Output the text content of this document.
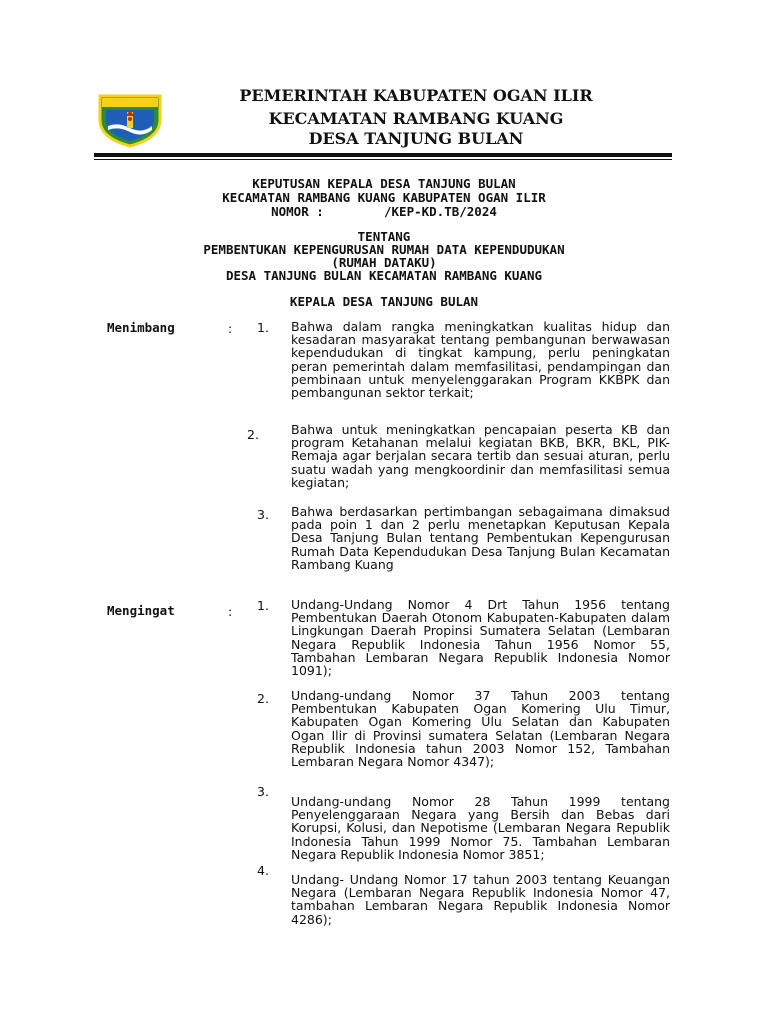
PEMERINTAH KABUPATEN OGAN ILIR
KECAMATAN RAMBANG KUANG
DESA TANJUNG BULAN
KEPUTUSAN KEPALA DESA TANJUNG BULAN
KECAMATAN RAMBANG KUANG KABUPATEN OGAN ILIR
NOMOR :        /KEP-KD.TB/2024
TENTANG
PEMBENTUKAN KEPENGURUSAN RUMAH DATA KEPENDUDUKAN
(RUMAH DATAKU)
DESA TANJUNG BULAN KECAMATAN RAMBANG KUANG
KEPALA DESA TANJUNG BULAN
Menimbang	: 1. Bahwa dalam rangka meningkatkan kualitas hidup dan kesadaran masyarakat tentang pembangunan berwawasan kependudukan di tingkat kampung, perlu peningkatan peran pemerintah dalam memfasilitasi, pendampingan dan pembinaan untuk menyelenggarakan Program KKBPK dan pembangunan sektor terkait;
2.	Bahwa untuk meningkatkan pencapaian peserta KB dan program Ketahanan melalui kegiatan BKB, BKR, BKL, PIK-Remaja agar berjalan secara tertib dan sesuai aturan, perlu suatu wadah yang mengkoordinir dan memfasilitasi semua kegiatan;
3. Bahwa berdasarkan pertimbangan sebagaimana dimaksud pada poin 1 dan 2 perlu menetapkan Keputusan Kepala Desa Tanjung Bulan tentang Pembentukan Kepengurusan Rumah Data Kependudukan Desa Tanjung Bulan Kecamatan Rambang Kuang
Mengingat	: 1. Undang-Undang Nomor 4 Drt Tahun 1956 tentang Pembentukan Daerah Otonom Kabupaten-Kabupaten dalam Lingkungan Daerah Propinsi Sumatera Selatan (Lembaran Negara Republik Indonesia Tahun 1956 Nomor 55, Tambahan Lembaran Negara Republik Indonesia Nomor 1091);
2. Undang-undang Nomor 37 Tahun 2003 tentang Pembentukan Kabupaten Ogan Komering Ulu Timur, Kabupaten Ogan Komering Ulu Selatan dan Kabupaten Ogan Ilir di Provinsi sumatera Selatan (Lembaran Negara Republik Indonesia tahun 2003 Nomor 152, Tambahan Lembaran Negara Nomor 4347);
3.
Undang-undang Nomor 28 Tahun 1999 tentang Penyelenggaraan Negara yang Bersih dan Bebas dari Korupsi, Kolusi, dan Nepotisme (Lembaran Negara Republik Indonesia Tahun 1999 Nomor 75. Tambahan Lembaran Negara Republik Indonesia Nomor 3851;
4.
Undang- Undang Nomor 17 tahun 2003 tentang Keuangan Negara (Lembaran Negara Republik Indonesia Nomor 47, tambahan Lembaran Negara Republik Indonesia Nomor 4286);
